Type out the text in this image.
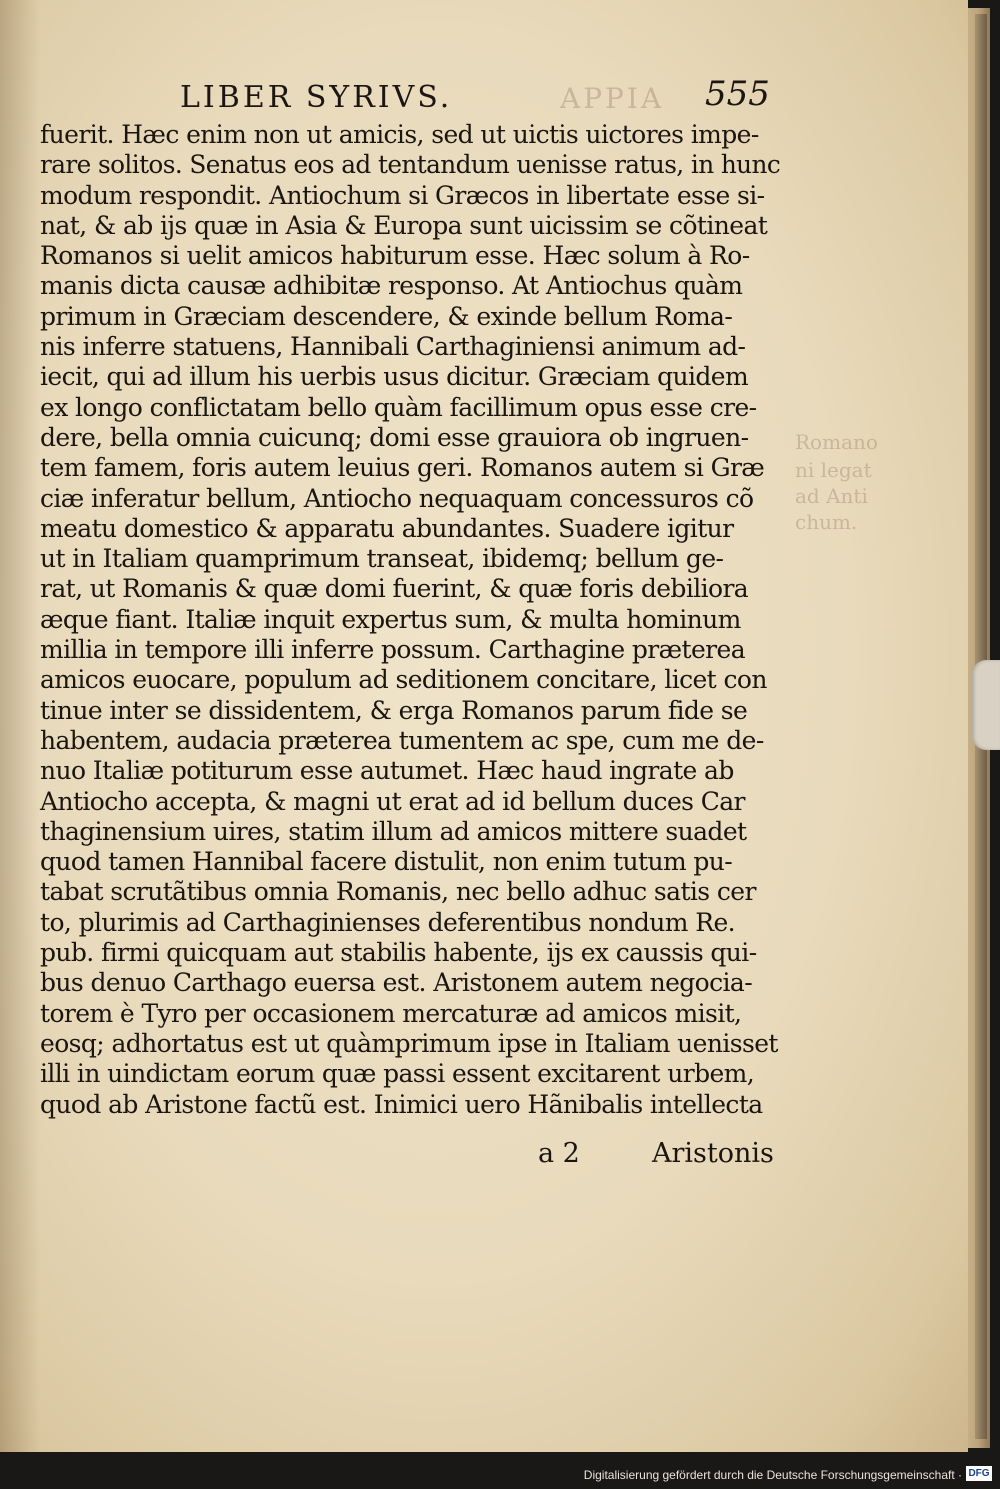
APPIA
Romano
ni legat
ad Anti
chum.
LIBER SYRIVS.	555
fuerit. Hæc enim non ut amicis, sed ut uictis uictores impe-
rare solitos. Senatus eos ad tentandum uenisse ratus, in hunc
modum respondit. Antiochum si Græcos in libertate esse si-
nat, & ab ijs quæ in Asia & Europa sunt uicissim se cõtineat
Romanos si uelit amicos habiturum esse. Hæc solum à Ro-
manis dicta causæ adhibitæ responso. At Antiochus quàm
primum in Græciam descendere, & exinde bellum Roma-
nis inferre statuens, Hannibali Carthaginiensi animum ad-
iecit, qui ad illum his uerbis usus dicitur. Græciam quidem
ex longo conflictatam bello quàm facillimum opus esse cre-
dere, bella omnia cuicunq; domi esse grauiora ob ingruen-
tem famem, foris autem leuius geri. Romanos autem si Græ
ciæ inferatur bellum, Antiocho nequaquam concessuros cõ
meatu domestico & apparatu abundantes. Suadere igitur
ut in Italiam quamprimum transeat, ibidemq; bellum ge-
rat, ut Romanis & quæ domi fuerint, & quæ foris debiliora
æque fiant. Italiæ inquit expertus sum, & multa hominum
millia in tempore illi inferre possum. Carthagine præterea
amicos euocare, populum ad seditionem concitare, licet con
tinue inter se dissidentem, & erga Romanos parum fide se
habentem, audacia præterea tumentem ac spe, cum me de-
nuo Italiæ potiturum esse autumet. Hæc haud ingrate ab
Antiocho accepta, & magni ut erat ad id bellum duces Car
thaginensium uires, statim illum ad amicos mittere suadet
quod tamen Hannibal facere distulit, non enim tutum pu-
tabat scrutãtibus omnia Romanis, nec bello adhuc satis cer
to, plurimis ad Carthaginienses deferentibus nondum Re.
pub. firmi quicquam aut stabilis habente, ijs ex caussis qui-
bus denuo Carthago euersa est. Aristonem autem negocia-
torem è Tyro per occasionem mercaturæ ad amicos misit,
eosq; adhortatus est ut quàmprimum ipse in Italiam uenisset
illi in uindictam eorum quæ passi essent excitarent urbem,
quod ab Aristone factũ est. Inimici uero Hãnibalis intellecta
a 2	Aristonis
Digitalisierung gefördert durch die Deutsche Forschungsgemeinschaft · DFG
